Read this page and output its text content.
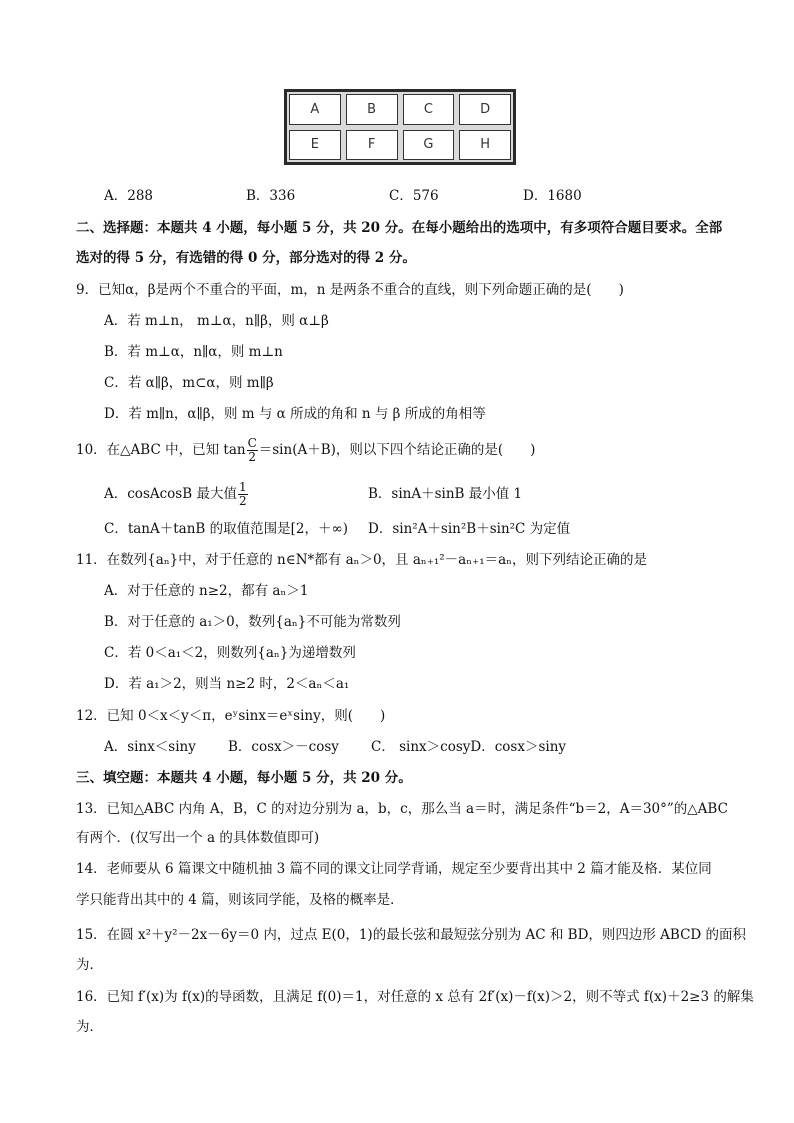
A	B	C	D
E	F	G	H
A．288	B．336	C．576	D．1680
二、选择题：本题共 4 小题，每小题 5 分，共 20 分。在每小题给出的选项中，有多项符合题目要求。全部
选对的得 5 分，有选错的得 0 分，部分选对的得 2 分。
9．已知α，β是两个不重合的平面，m，n 是两条不重合的直线，则下列命题正确的是(　　)
A．若 m⊥n， m⊥α，n∥β，则 α⊥β
B．若 m⊥α，n∥α，则 m⊥n
C．若 α∥β，m⊂α，则 m∥β
D．若 m∥n，α∥β，则 m 与 α 所成的角和 n 与 β 所成的角相等
10．在△ABC 中，已知 $\tan \frac{C}{2} =\sin(A+B)$，则以下四个结论正确的是(　　)
A．cosAcosB 最大值 $\frac{1}{2}$	B．sinA＋sinB 最小值 1
C．tanA＋tanB 的取值范围是[2，＋∞) D．sin²A＋sin²B＋sin²C 为定值
11．在数列{aₙ}中，对于任意的 n∈N*都有 aₙ＞0，且 aₙ₊₁²－aₙ₊₁＝aₙ，则下列结论正确的是
A．对于任意的 n≥2，都有 aₙ＞1
B．对于任意的 a₁＞0，数列{aₙ}不可能为常数列
C．若 0＜a₁＜2，则数列{aₙ}为递增数列
D．若 a₁＞2，则当 n≥2 时，2＜aₙ＜a₁
12．已知 0＜x＜y＜π，eʸsinx＝eˣsiny，则(　　)
A．sinx＜siny B．cosx＞－cosy C． sinx＞cosyD．cosx＞siny
三、填空题：本题共 4 小题，每小题 5 分，共 20 分。
13．已知△ABC 内角 A，B，C 的对边分别为 a，b，c，那么当 a＝时，满足条件“b＝2，A＝30°”的△ABC
有两个．(仅写出一个 a 的具体数值即可)
14．老师要从 6 篇课文中随机抽 3 篇不同的课文让同学背诵，规定至少要背出其中 2 篇才能及格．某位同
学只能背出其中的 4 篇，则该同学能，及格的概率是．
15．在圆 x²＋y²－2x－6y＝0 内，过点 E(0，1)的最长弦和最短弦分别为 AC 和 BD，则四边形 ABCD 的面积
为．
16．已知 f′(x)为 f(x)的导函数，且满足 f(0)＝1，对任意的 x 总有 2f′(x)－f(x)＞2，则不等式 f(x)＋2≥3 的解集
为．
